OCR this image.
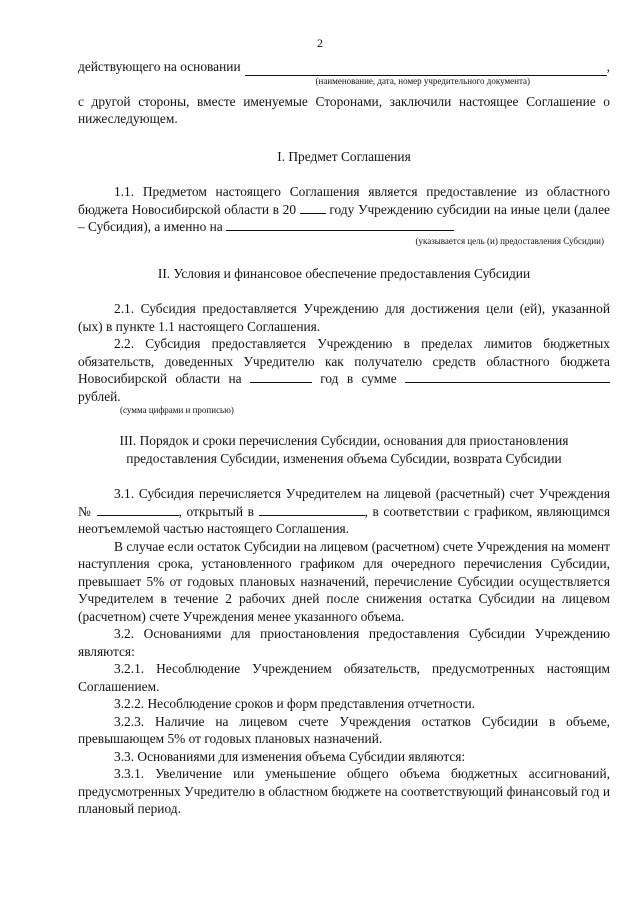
2
действующего на основании	,

(наименование, дата, номер учредительного документа)

с другой стороны, вместе именуемые Сторонами, заключили настоящее Соглашение о нижеследующем.

I. Предмет Соглашения

1.1. Предметом настоящего Соглашения является предоставление из областного бюджета Новосибирской области в 20 году Учреждению субсидии на иные цели (далее – Субсидия), а именно на

(указывается цель (и) предоставления Субсидии)

II. Условия и финансовое обеспечение предоставления Субсидии

2.1. Субсидия предоставляется Учреждению для достижения цели (ей), указанной (ых) в пункте 1.1 настоящего Соглашения.

2.2. Субсидия предоставляется Учреждению в пределах лимитов бюджетных обязательств, доведенных Учредителю как получателю средств областного бюджета Новосибирской области на	год в сумме  рублей.

(сумма цифрами и прописью)

III. Порядок и сроки перечисления Субсидии, основания для приостановления

предоставления Субсидии, изменения объема Субсидии, возврата Субсидии

3.1. Субсидия перечисляется Учредителем на лицевой (расчетный) счет Учреждения №	, открытый в	, в соответствии с графиком, являющимся неотъемлемой частью настоящего Соглашения.

В случае если остаток Субсидии на лицевом (расчетном) счете Учреждения на момент наступления срока, установленного графиком для очередного перечисления Субсидии, превышает 5% от годовых плановых назначений, перечисление Субсидии осуществляется Учредителем в течение 2 рабочих дней после снижения остатка Субсидии на лицевом (расчетном) счете Учреждения менее указанного объема.

3.2. Основаниями для приостановления предоставления Субсидии Учреждению являются:

3.2.1. Несоблюдение Учреждением обязательств, предусмотренных настоящим Соглашением.

3.2.2. Несоблюдение сроков и форм представления отчетности.

3.2.3. Наличие на лицевом счете Учреждения остатков Субсидии в объеме, превышающем 5% от годовых плановых назначений.

3.3. Основаниями для изменения объема Субсидии являются:

3.3.1. Увеличение или уменьшение общего объема бюджетных ассигнований, предусмотренных Учредителю в областном бюджете на соответствующий финансовый год и плановый период.
